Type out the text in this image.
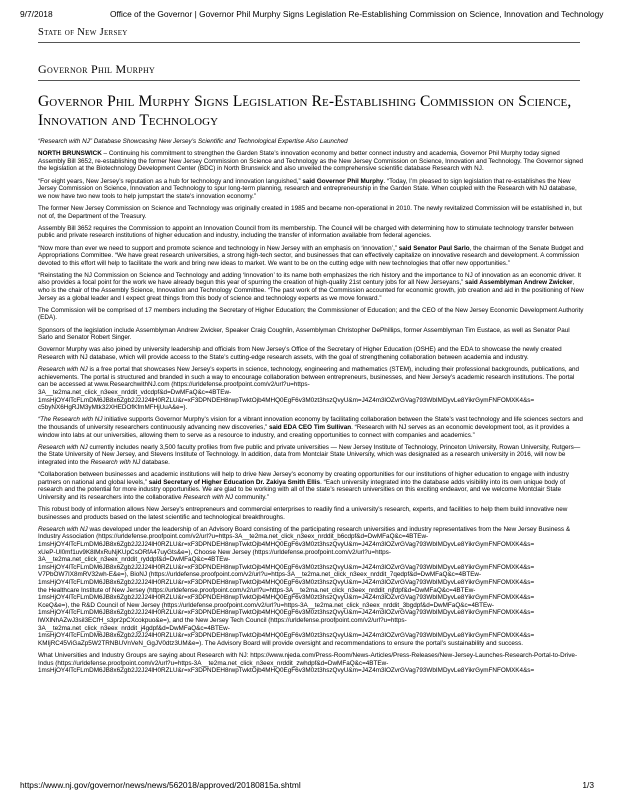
9/7/2018	Office of the Governor | Governor Phil Murphy Signs Legislation Re-Establishing Commission on Science, Innovation and Technology
State of New Jersey
Governor Phil Murphy
Governor Phil Murphy Signs Legislation Re-Establishing Commission on Science, Innovation and Technology

“Research with NJ” Database Showcasing New Jersey’s Scientific and Technological Expertise Also Launched

NORTH BRUNSWICK – Continuing his commitment to strengthen the Garden State’s innovation economy and better connect industry and academia, Governor Phil Murphy today signed Assembly Bill 3652, re-establishing the former New Jersey Commission on Science and Technology as the New Jersey Commission on Science, Innovation and Technology. The Governor signed the legislation at the Biotechnology Development Center (BDC) in North Brunswick and also unveiled the comprehensive scientific database Research with NJ.

“For eight years, New Jersey’s reputation as a hub for technology and innovation languished,” said Governor Phil Murphy. “Today, I’m pleased to sign legislation that re-establishes the New Jersey Commission on Science, Innovation and Technology to spur long-term planning, research and entrepreneurship in the Garden State. When coupled with the Research with NJ database, we now have two new tools to help jumpstart the state’s innovation economy.”

The former New Jersey Commission on Science and Technology was originally created in 1985 and became non-operational in 2010. The newly revitalized Commission will be established in, but not of, the Department of the Treasury.

Assembly Bill 3652 requires the Commission to appoint an Innovation Council from its membership. The Council will be charged with determining how to stimulate technology transfer between public and private research institutions of higher education and industry, including the transfer of information available from federal agencies.

“Now more than ever we need to support and promote science and technology in New Jersey with an emphasis on ‘innovation’,” said Senator Paul Sarlo, the chairman of the Senate Budget and Appropriations Committee. “We have great research universities, a strong high-tech sector, and businesses that can effectively capitalize on innovative research and development. A commission devoted to this effort will help to facilitate the work and bring new ideas to market. We want to be on the cutting edge with new technologies that offer new opportunities.”

“Reinstating the NJ Commission on Science and Technology and adding ‘Innovation’ to its name both emphasizes the rich history and the importance to NJ of innovation as an economic driver. It also provides a focal point for the work we have already begun this year of spurring the creation of high-quality 21st century jobs for all New Jerseyans,” said Assemblyman Andrew Zwicker, who is the chair of the Assembly Science, Innovation and Technology Committee. “The past work of the Commission accounted for economic growth, job creation and aid in the positioning of New Jersey as a global leader and I expect great things from this body of science and technology experts as we move forward.”

The Commission will be comprised of 17 members including the Secretary of Higher Education; the Commissioner of Education; and the CEO of the New Jersey Economic Development Authority (EDA).

Sponsors of the legislation include Assemblyman Andrew Zwicker, Speaker Craig Coughlin, Assemblyman Christopher DePhillips, former Assemblyman Tim Eustace, as well as Senator Paul Sarlo and Senator Robert Singer.

Governor Murphy was also joined by university leadership and officials from New Jersey’s Office of the Secretary of Higher Education (OSHE) and the EDA to showcase the newly created Research with NJ database, which will provide access to the State’s cutting-edge research assets, with the goal of strengthening collaboration between academia and industry.

Research with NJ is a free portal that showcases New Jersey’s experts in science, technology, engineering and mathematics (STEM), including their professional backgrounds, publications, and achievements. The portal is structured and branded in such a way to encourage collaboration between entrepreneurs, businesses, and New Jersey’s academic research institutions. The portal can be accessed at www.ResearchwithNJ.com (https://urldefense.proofpoint.com/v2/url?u=https-
3A__te2ma.net_click_n3eex_nrddit_vdcdpf&d=DwMFaQ&c=4BTEw-
1msHjOY4lTcFLmDM6JB8x6Zgb2J2J24lH0RZLU&r=xF3DPNDEH8rwpTwktOjb4MHQ0EgF6v3M0zt3hszQvyU&m=J4Z4m3lOZvrGVag793WbIMDyvLe8YikrGymFNFOMXK4&s=
c5byNX6HgRJM3yMtk32XHEDOfKfmMFHjUuA&e=).

“The Research with NJ initiative supports Governor Murphy’s vision for a vibrant innovation economy by facilitating collaboration between the State’s vast technology and life sciences sectors and the thousands of university researchers continuously advancing new discoveries,” said EDA CEO Tim Sullivan. “Research with NJ serves as an economic development tool, as it provides a window into labs at our universities, allowing them to serve as a resource to industry, and creating opportunities to connect with companies and academics.”

Research with NJ currently includes nearly 3,500 faculty profiles from five public and private universities — New Jersey Institute of Technology, Princeton University, Rowan University, Rutgers—the State University of New Jersey, and Stevens Institute of Technology. In addition, data from Montclair State University, which was designated as a research university in 2016, will now be integrated into the Research with NJ database.

“Collaboration between businesses and academic institutions will help to drive New Jersey’s economy by creating opportunities for our institutions of higher education to engage with industry partners on national and global levels,” said Secretary of Higher Education Dr. Zakiya Smith Ellis. “Each university integrated into the database adds visibility into its own unique body of research and the potential for more industry opportunities. We are glad to be working with all of the state’s research universities on this exciting endeavor, and we welcome Montclair State University and its researchers into the collaborative Research with NJ community.”

This robust body of information allows New Jersey’s entrepreneurs and commercial enterprises to readily find a university’s research, experts, and facilities to help them build innovative new businesses and products based on the latest scientific and technological breakthroughs.

Research with NJ was developed under the leadership of an Advisory Board consisting of the participating research universities and industry representatives from the New Jersey Business & Industry Association (https://urldefense.proofpoint.com/v2/url?u=https-3A__te2ma.net_click_n3eex_nrddit_b6cdpf&d=DwMFaQ&c=4BTEw-
1msHjOY4lTcFLmDM6JB8x6Zgb2J2J24lH0RZLU&r=xF3DPNDEH8rwpTwktOjb4MHQ0EgF6v3M0zt3hszQvyU&m=J4Z4m3lOZvrGVag793WbIMDyvLe8YikrGymFNFOMXK4&s=
xUeP-Ul0mf1uv9K8lMxRuNjKUpCsORfA47uyGts&e=), Choose New Jersey (https://urldefense.proofpoint.com/v2/url?u=https-
3A__te2ma.net_click_n3eex_nrddit_ryddpf&d=DwMFaQ&c=4BTEw-
1msHjOY4lTcFLmDM6JB8x6Zgb2J2J24lH0RZLU&r=xF3DPNDEH8rwpTwktOjb4MHQ0EgF6v3M0zt3hszQvyU&m=J4Z4m3lOZvrGVag793WbIMDyvLe8YikrGymFNFOMXK4&s=
V7PbOW7IX8mRV32wh-E&e=), BioNJ (https://urldefense.proofpoint.com/v2/url?u=https-3A__te2ma.net_click_n3eex_nrddit_7qedpf&d=DwMFaQ&c=4BTEw-
1msHjOY4lTcFLmDM6JB8x6Zgb2J2J24lH0RZLU&r=xF3DPNDEH8rwpTwktOjb4MHQ0EgF6v3M0zt3hszQvyU&m=J4Z4m3lOZvrGVag793WbIMDyvLe8YikrGymFNFOMXK4&s=
the Healthcare Institute of New Jersey (https://urldefense.proofpoint.com/v2/url?u=https-3A__te2ma.net_click_n3eex_nrddit_njfdpf&d=DwMFaQ&c=4BTEw-
1msHjOY4lTcFLmDM6JB8x6Zgb2J2J24lH0RZLU&r=xF3DPNDEH8rwpTwktOjb4MHQ0EgF6v3M0zt3hszQvyU&m=J4Z4m3lOZvrGVag793WbIMDyvLe8YikrGymFNFOMXK4&s=
KceQ&e=), the R&D Council of New Jersey (https://urldefense.proofpoint.com/v2/url?u=https-3A__te2ma.net_click_n3eex_nrddit_3bgdpf&d=DwMFaQ&c=4BTEw-
1msHjOY4lTcFLmDM6JB8x6Zgb2J2J24lH0RZLU&r=xF3DPNDEH8rwpTwktOjb4MHQ0EgF6v3M0zt3hszQvyU&m=J4Z4m3lOZvrGVag793WbIMDyvLe8YikrGymFNFOMXK4&s=
lWXlNhAZwJ3sil3ECfH_s3pr2pCXcokpuo&e=), and the New Jersey Tech Council (https://urldefense.proofpoint.com/v2/url?u=https-
3A__te2ma.net_click_n3eex_nrddit_j4gdpf&d=DwMFaQ&c=4BTEw-
1msHjOY4lTcFLmDM6JB8x6Zgb2J2J24lH0RZLU&r=xF3DPNDEH8rwpTwktOjb4MHQ0EgF6v3M0zt3hszQvyU&m=J4Z4m3lOZvrGVag793WbIMDyvLe8YikrGymFNFOMXK4&s=
KMIjRC45ViGaZp5W2TRNBUVnVeN_GgJV0dtz3UM&e=). The Advisory Board will provide oversight and recommendations to ensure the portal’s sustainability and success.

What Universities and Industry Groups are saying about Research with NJ: https://www.njeda.com/Press-Room/News-Articles/Press-Releases/New-Jersey-Launches-Research-Portal-to-Drive-Indus (https://urldefense.proofpoint.com/v2/url?u=https-3A__te2ma.net_click_n3eex_nrddit_zwhdpf&d=DwMFaQ&c=4BTEw-
1msHjOY4lTcFLmDM6JB8x6Zgb2J2J24lH0RZLU&r=xF3DPNDEH8rwpTwktOjb4MHQ0EgF6v3M0zt3hszQvyU&m=J4Z4m3lOZvrGVag793WbIMDyvLe8YikrGymFNFOMXK4&s=

https://www.nj.gov/governor/news/news/562018/approved/20180815a.shtml	1/3
